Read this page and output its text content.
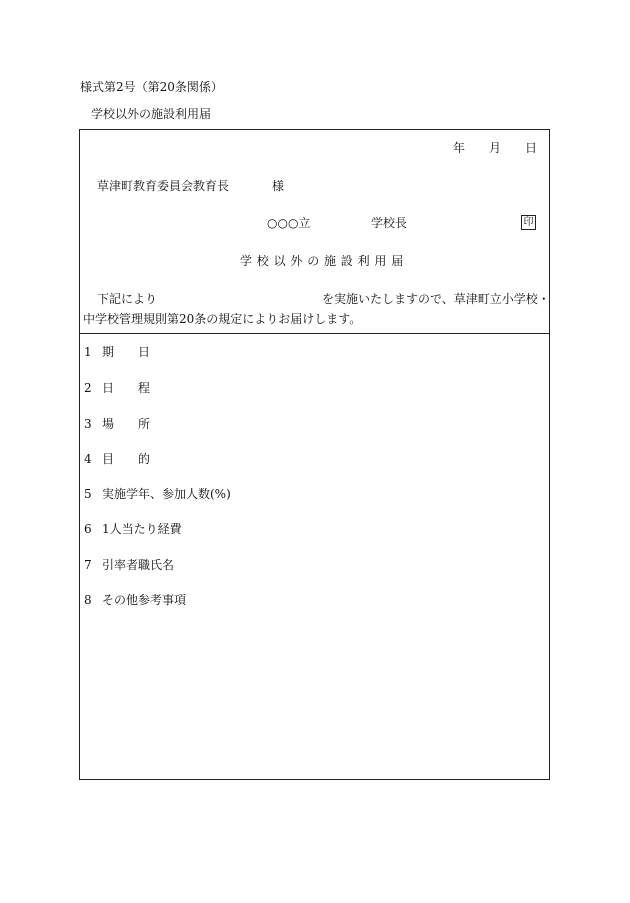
様式第2号（第20条関係）
学校以外の施設利用届
年 月 日
草津町教育委員会教育長	様
○○○立	学校長	印
学校以外の施設利用届
下記により	を実施いたしますので、草津町立小学校・
中学校管理規則第20条の規定によりお届けします。
1 期 日
2 日 程
3 場 所
4 目 的
5 実施学年、参加人数(%)
6 1人当たり経費
7 引率者職氏名
8 その他参考事項
